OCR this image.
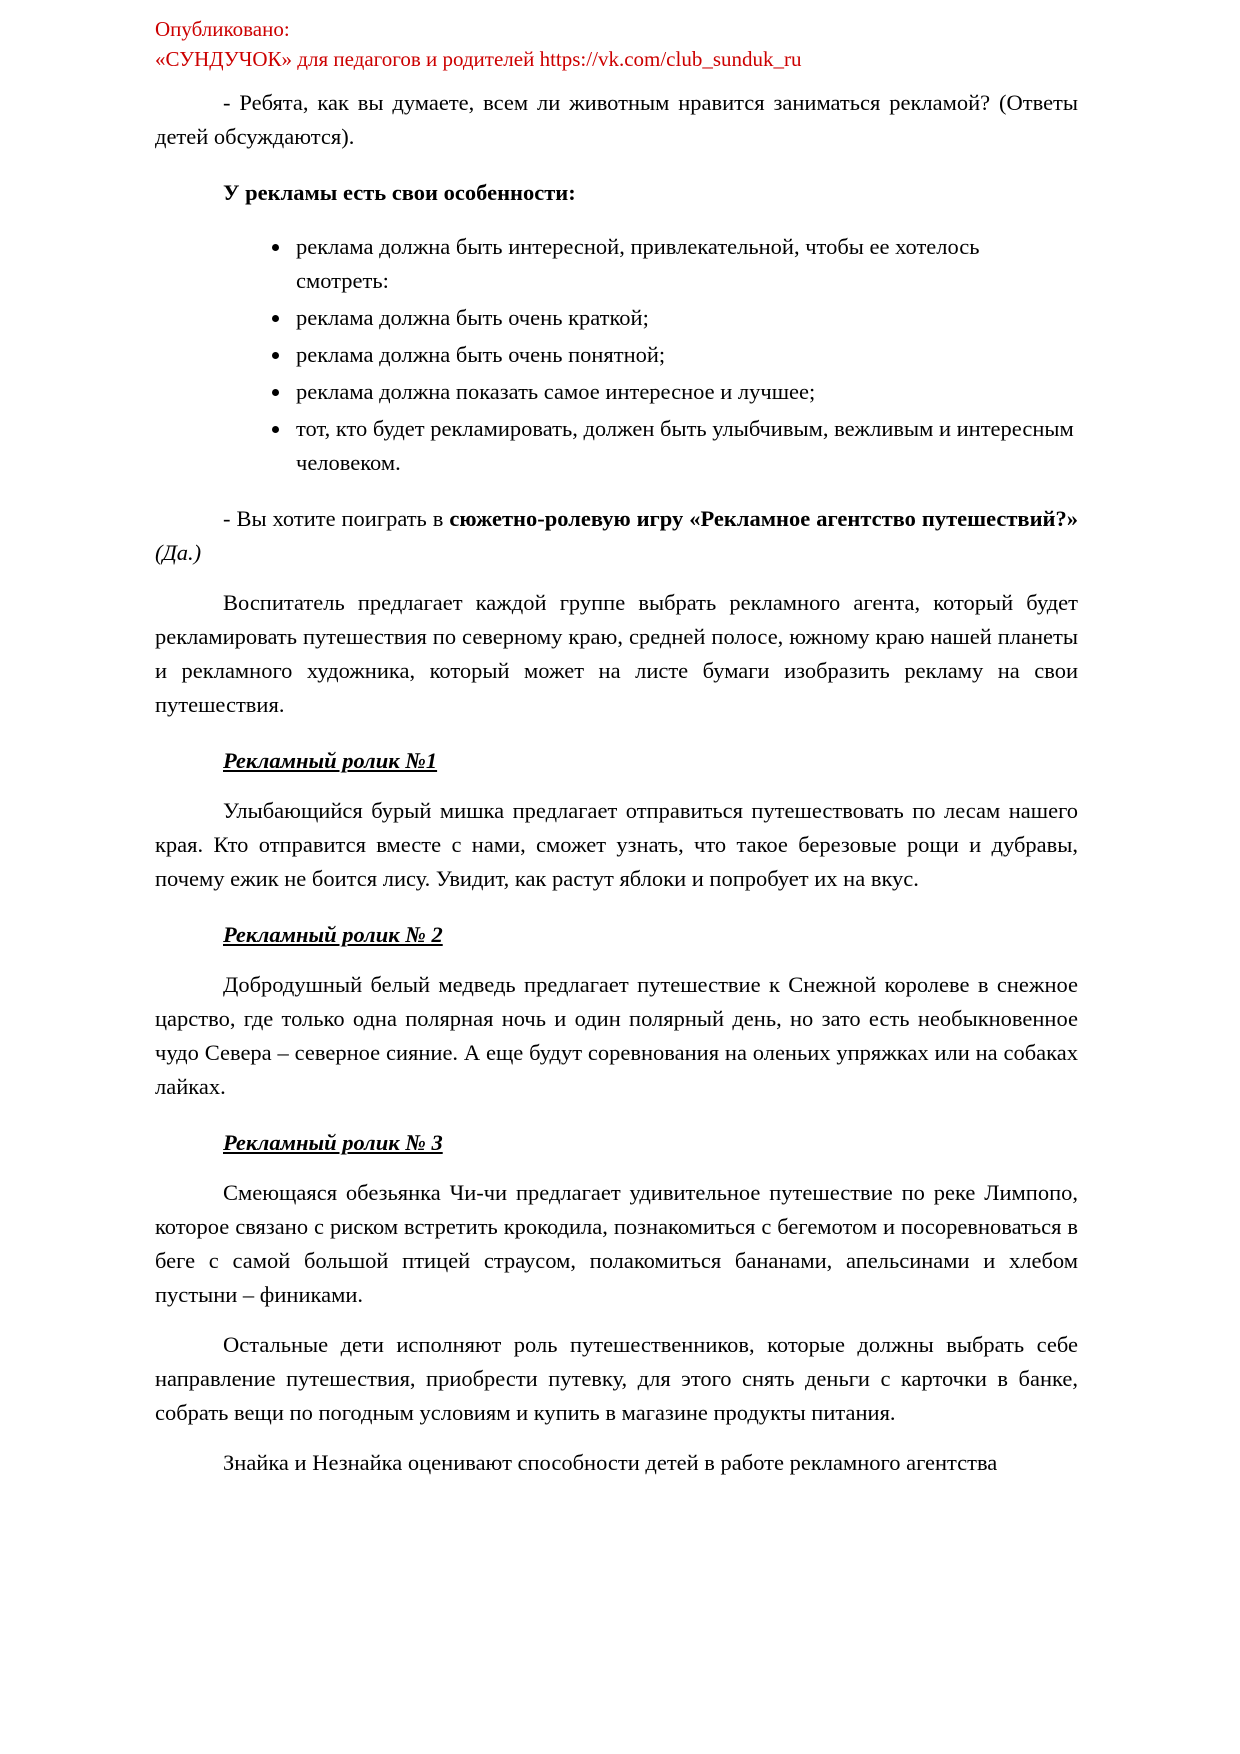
Опубликовано:
«СУНДУЧОК» для педагогов и родителей https://vk.com/club_sunduk_ru

- Ребята, как вы думаете, всем ли животным нравится заниматься рекламой? (Ответы детей обсуждаются).

У рекламы есть свои особенности:

• реклама должна быть интересной, привлекательной, чтобы ее хотелось смотреть:
• реклама должна быть очень краткой;
• реклама должна быть очень понятной;
• реклама должна показать самое интересное и лучшее;
• тот, кто будет рекламировать, должен быть улыбчивым, вежливым и интересным человеком.

- Вы хотите поиграть в сюжетно-ролевую игру «Рекламное агентство путешествий?» (Да.)

Воспитатель предлагает каждой группе выбрать рекламного агента, который будет рекламировать путешествия по северному краю, средней полосе, южному краю нашей планеты и рекламного художника, который может на листе бумаги изобразить рекламу на свои путешествия.

Рекламный ролик №1

Улыбающийся бурый мишка предлагает отправиться путешествовать по лесам нашего края. Кто отправится вместе с нами, сможет узнать, что такое березовые рощи и дубравы, почему ежик не боится лису. Увидит, как растут яблоки и попробует их на вкус.

Рекламный ролик № 2

Добродушный белый медведь предлагает путешествие к Снежной королеве в снежное царство, где только одна полярная ночь и один полярный день, но зато есть необыкновенное чудо Севера – северное сияние. А еще будут соревнования на оленьих упряжках или на собаках лайках.

Рекламный ролик № 3

Смеющаяся обезьянка Чи-чи предлагает удивительное путешествие по реке Лимпопо, которое связано с риском встретить крокодила, познакомиться с бегемотом и посоревноваться в беге с самой большой птицей страусом, полакомиться бананами, апельсинами и хлебом пустыни – финиками.

Остальные дети исполняют роль путешественников, которые должны выбрать себе направление путешествия, приобрести путевку, для этого снять деньги с карточки в банке, собрать вещи по погодным условиям и купить в магазине продукты питания.

Знайка и Незнайка оценивают способности детей в работе рекламного агентства
